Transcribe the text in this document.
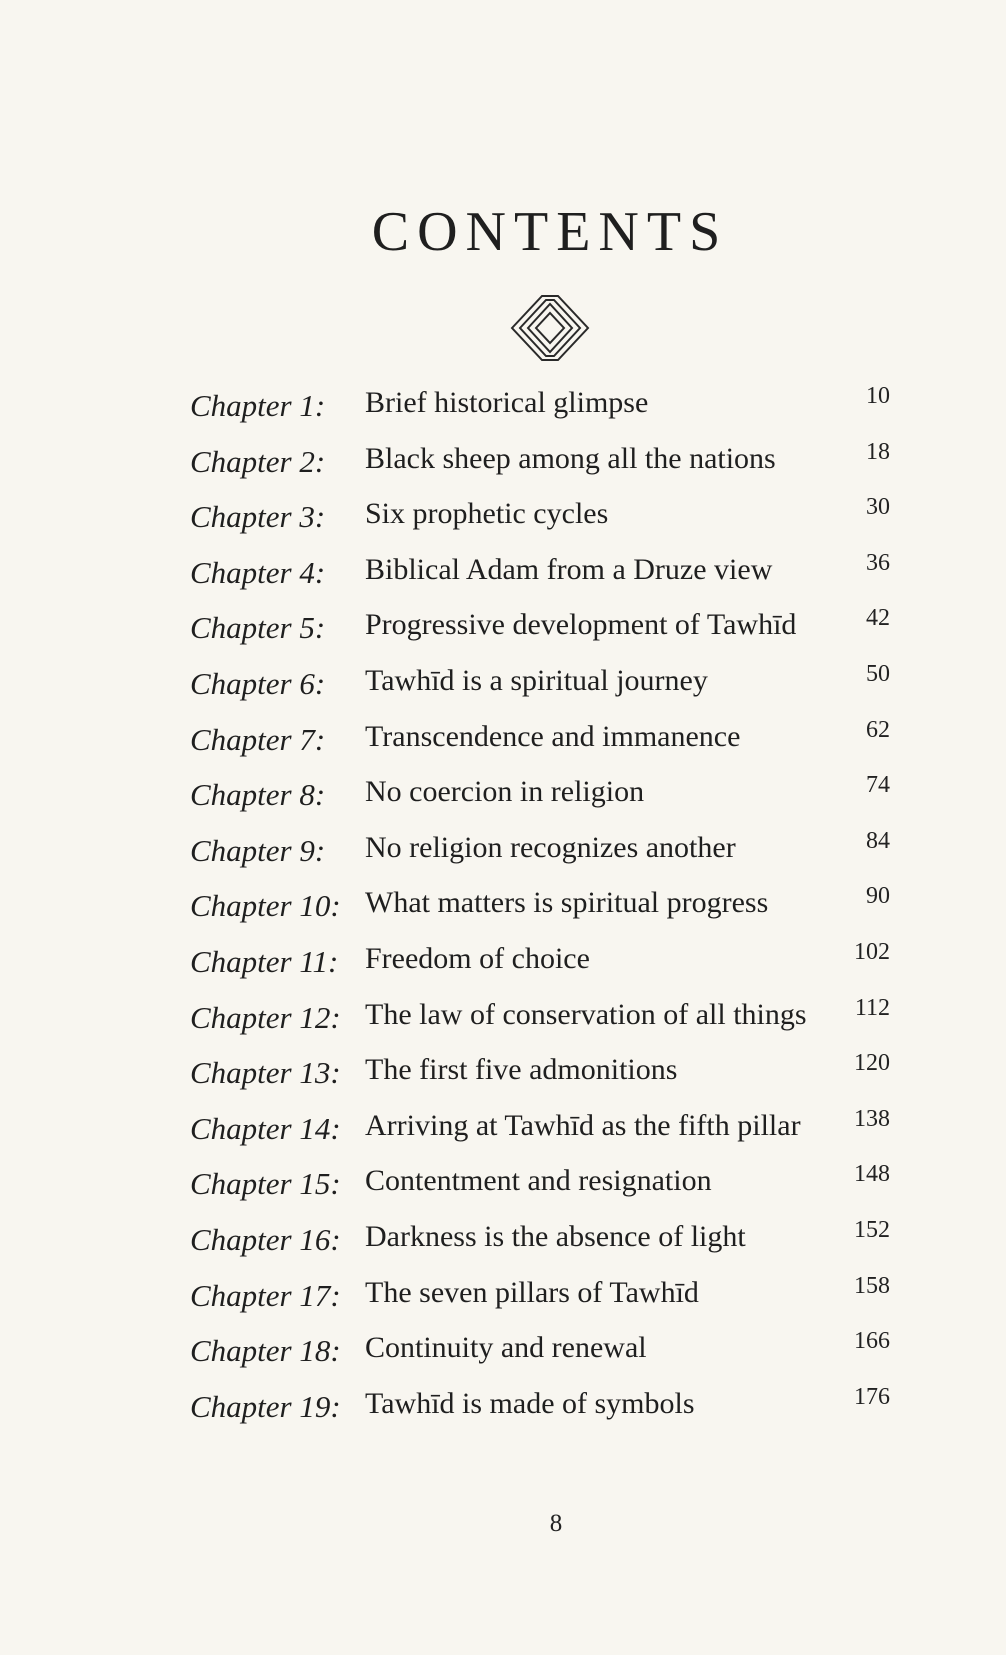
CONTENTS
Chapter 1: Brief historical glimpse	10
Chapter 2: Black sheep among all the nations	18
Chapter 3: Six prophetic cycles	30
Chapter 4: Biblical Adam from a Druze view	36
Chapter 5: Progressive development of Tawhīd	42
Chapter 6: Tawhīd is a spiritual journey	50
Chapter 7: Transcendence and immanence	62
Chapter 8: No coercion in religion	74
Chapter 9: No religion recognizes another	84
Chapter 10: What matters is spiritual progress	90
Chapter 11: Freedom of choice	102
Chapter 12: The law of conservation of all things 112
Chapter 13: The first five admonitions	120
Chapter 14: Arriving at Tawhīd as the fifth pillar 138
Chapter 15: Contentment and resignation	148
Chapter 16: Darkness is the absence of light	152
Chapter 17: The seven pillars of Tawhīd	158
Chapter 18: Continuity and renewal	166
Chapter 19: Tawhīd is made of symbols	176
8
